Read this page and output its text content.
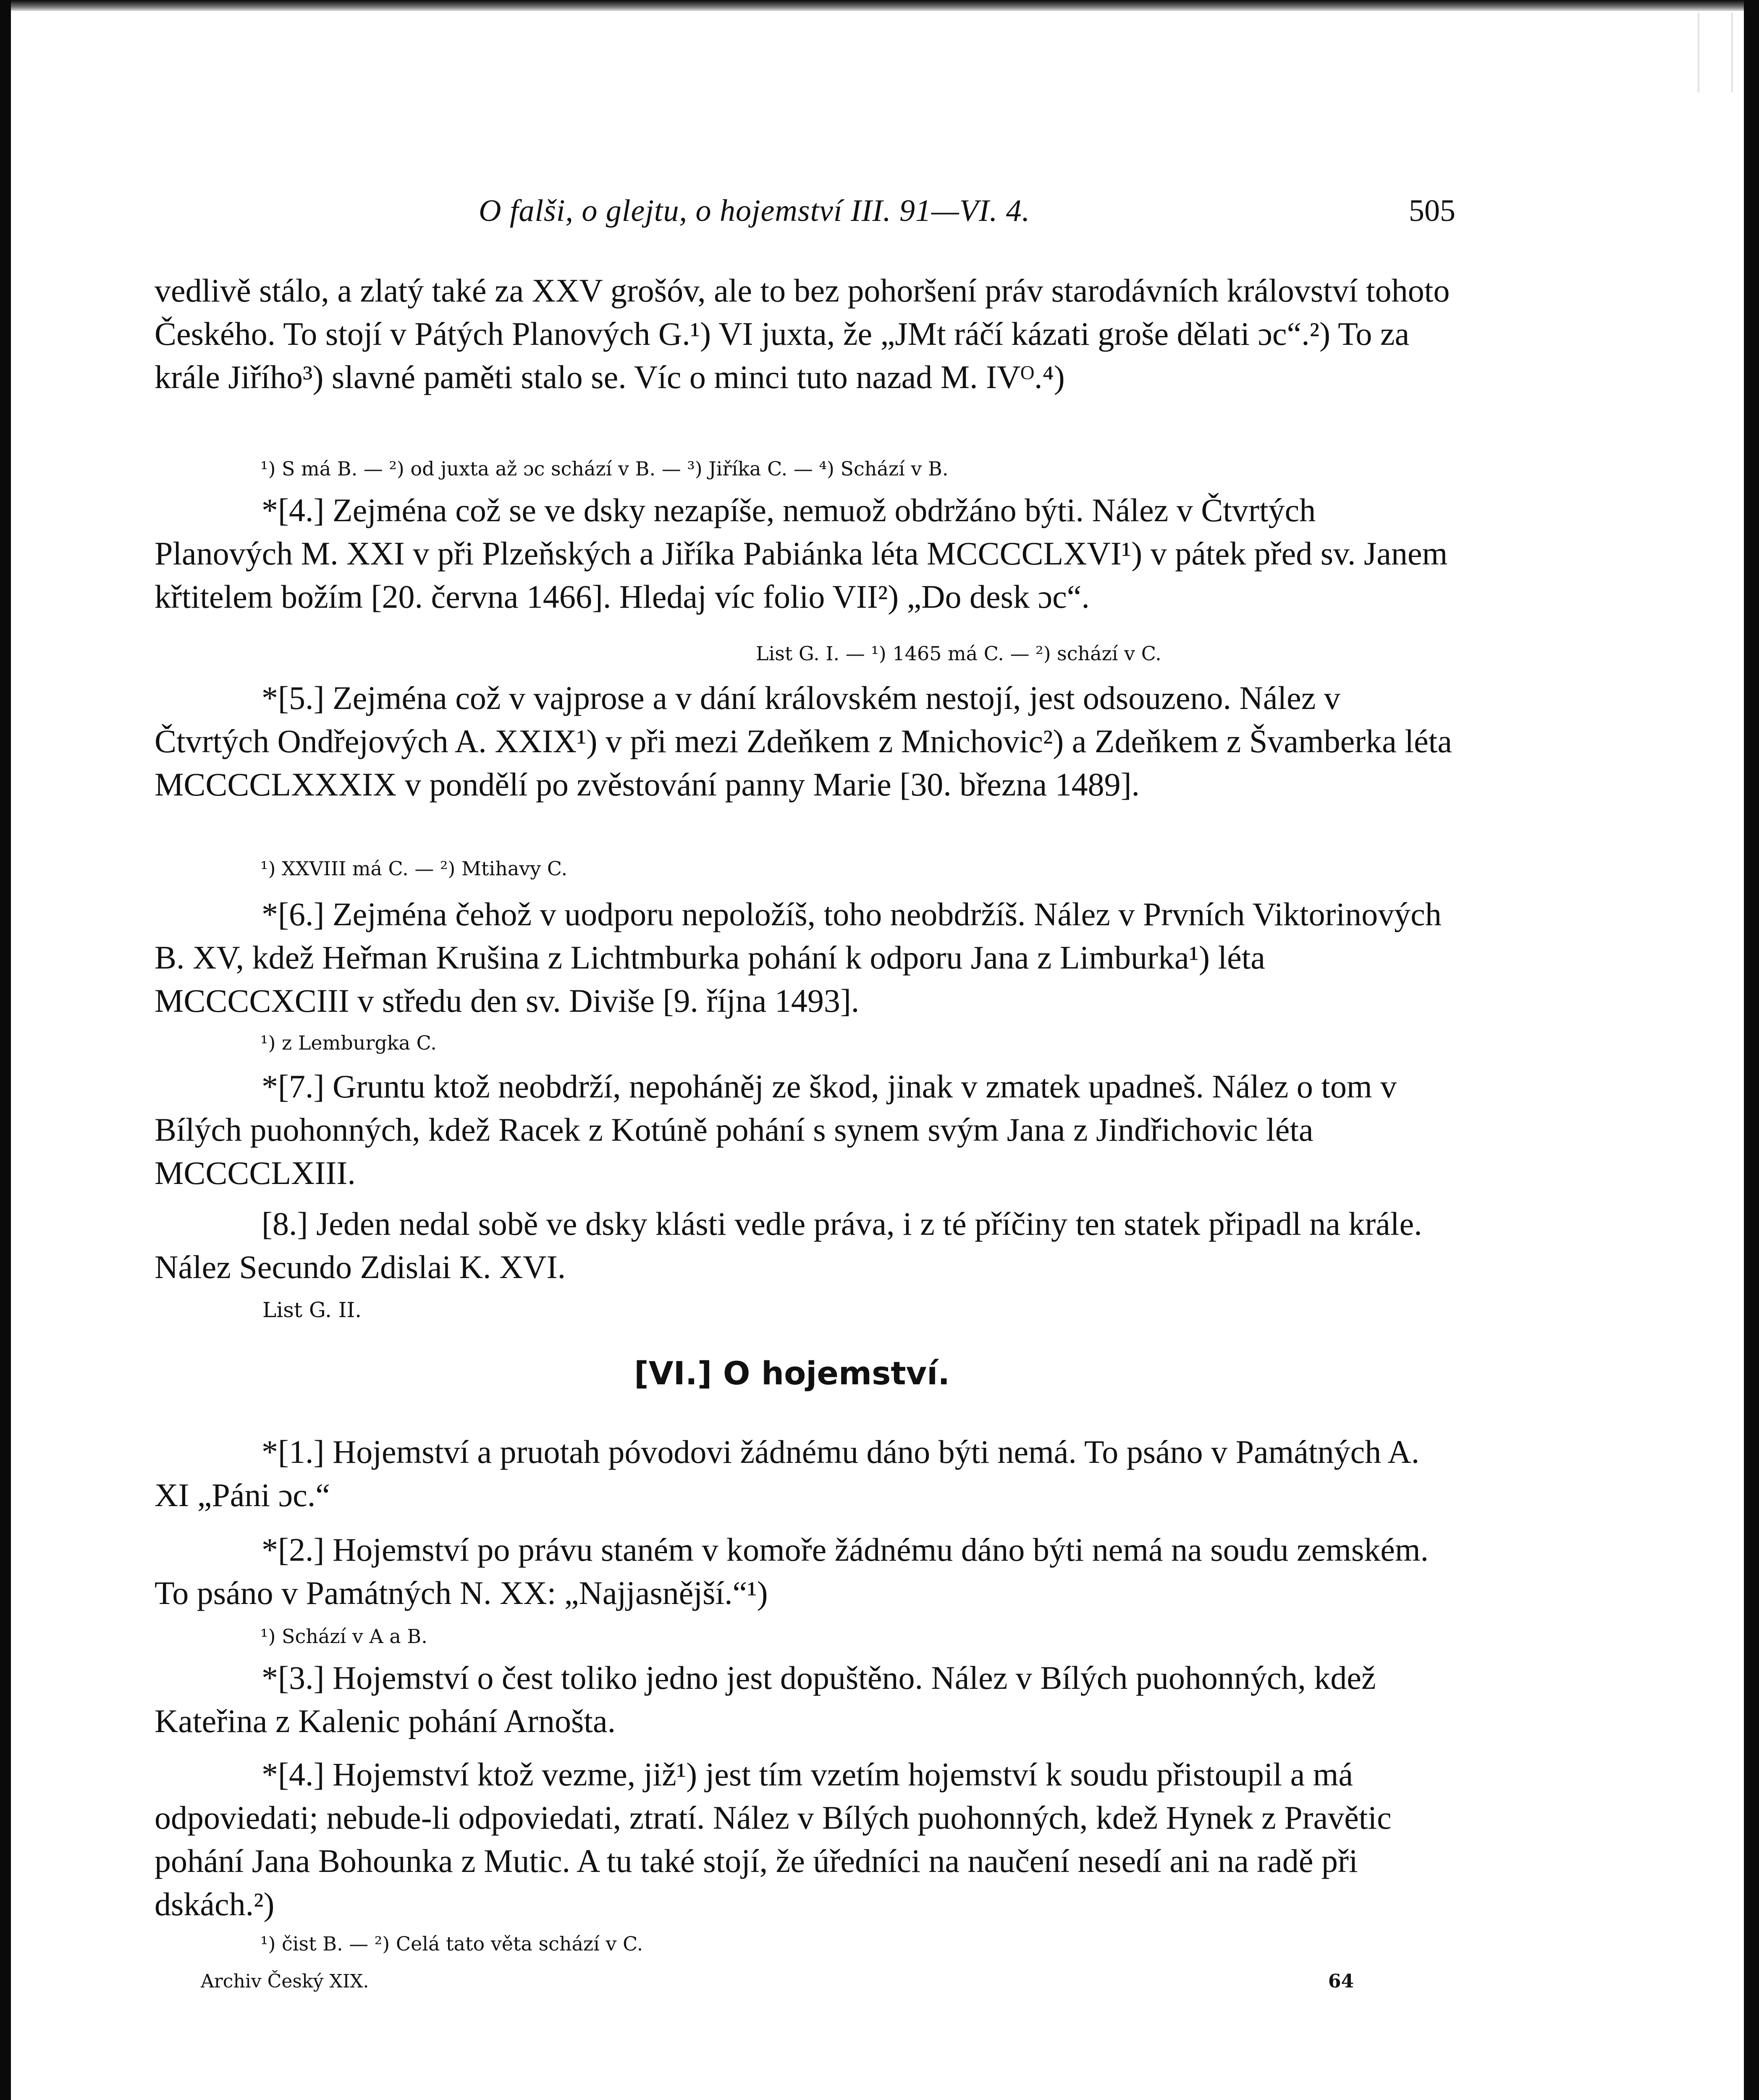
O falši, o glejtu, o hojemství III. 91—VI. 4.	505

vedlivě stálo, a zlatý také za XXV grošóv, ale to bez pohoršení práv starodávních království tohoto Českého. To stojí v Pátých Planových G.¹) VI juxta, že „JMt ráčí kázati groše dělati ɔc“.²) To za krále Jiřího³) slavné paměti stalo se. Víc o minci tuto nazad M. IVᴼ.⁴)

¹) S má B. — ²) od juxta až ɔc schází v B. — ³) Jiříka C. — ⁴) Schází v B.

*[4.] Zejména což se ve dsky nezapíše, nemuož obdržáno býti. Nález v Čtvrtých Planových M. XXI v při Plzeňských a Jiříka Pabiánka léta MCCCCLXVI¹) v pátek před sv. Janem křtitelem božím [20. června 1466]. Hledaj víc folio VII²) „Do desk ɔc“.

List G. I. — ¹) 1465 má C. — ²) schází v C.

*[5.] Zejména což v vajprose a v dání královském nestojí, jest odsouzeno. Nález v Čtvrtých Ondřejových A. XXIX¹) v při mezi Zdeňkem z Mnichovic²) a Zdeňkem z Švamberka léta MCCCCLXXXIX v pondělí po zvěstování panny Marie [30. března 1489].

¹) XXVIII má C. — ²) Mtihavy C.

*[6.] Zejména čehož v uodporu nepoložíš, toho neobdržíš. Nález v Prvních Viktorinových B. XV, kdež Heřman Krušina z Lichtmburka pohání k odporu Jana z Limburka¹) léta MCCCCXCIII v středu den sv. Diviše [9. října 1493].

¹) z Lemburgka C.

*[7.] Gruntu ktož neobdrží, nepoháněj ze škod, jinak v zmatek upadneš. Nález o tom v Bílých puohonných, kdež Racek z Kotúně pohání s synem svým Jana z Jindřichovic léta MCCCCLXIII.

[8.] Jeden nedal sobě ve dsky klásti vedle práva, i z té příčiny ten statek připadl na krále. Nález Secundo Zdislai K. XVI.

List G. II.
[VI.] O hojemství.

*[1.] Hojemství a pruotah póvodovi žádnému dáno býti nemá. To psáno v Památných A. XI „Páni ɔc.“

*[2.] Hojemství po právu staném v komoře žádnému dáno býti nemá na soudu zemském. To psáno v Památných N. XX: „Najjasnější.“¹)

¹) Schází v A a B.

*[3.] Hojemství o čest toliko jedno jest dopuštěno. Nález v Bílých puohonných, kdež Kateřina z Kalenic pohání Arnošta.

*[4.] Hojemství ktož vezme, již¹) jest tím vzetím hojemství k soudu přistoupil a má odpoviedati; nebude-li odpoviedati, ztratí. Nález v Bílých puohonných, kdež Hynek z Pravětic pohání Jana Bohounka z Mutic. A tu také stojí, že úředníci na naučení nesedí ani na radě při dskách.²)

¹) čist B. — ²) Celá tato věta schází v C.
Archiv Český XIX.	64
